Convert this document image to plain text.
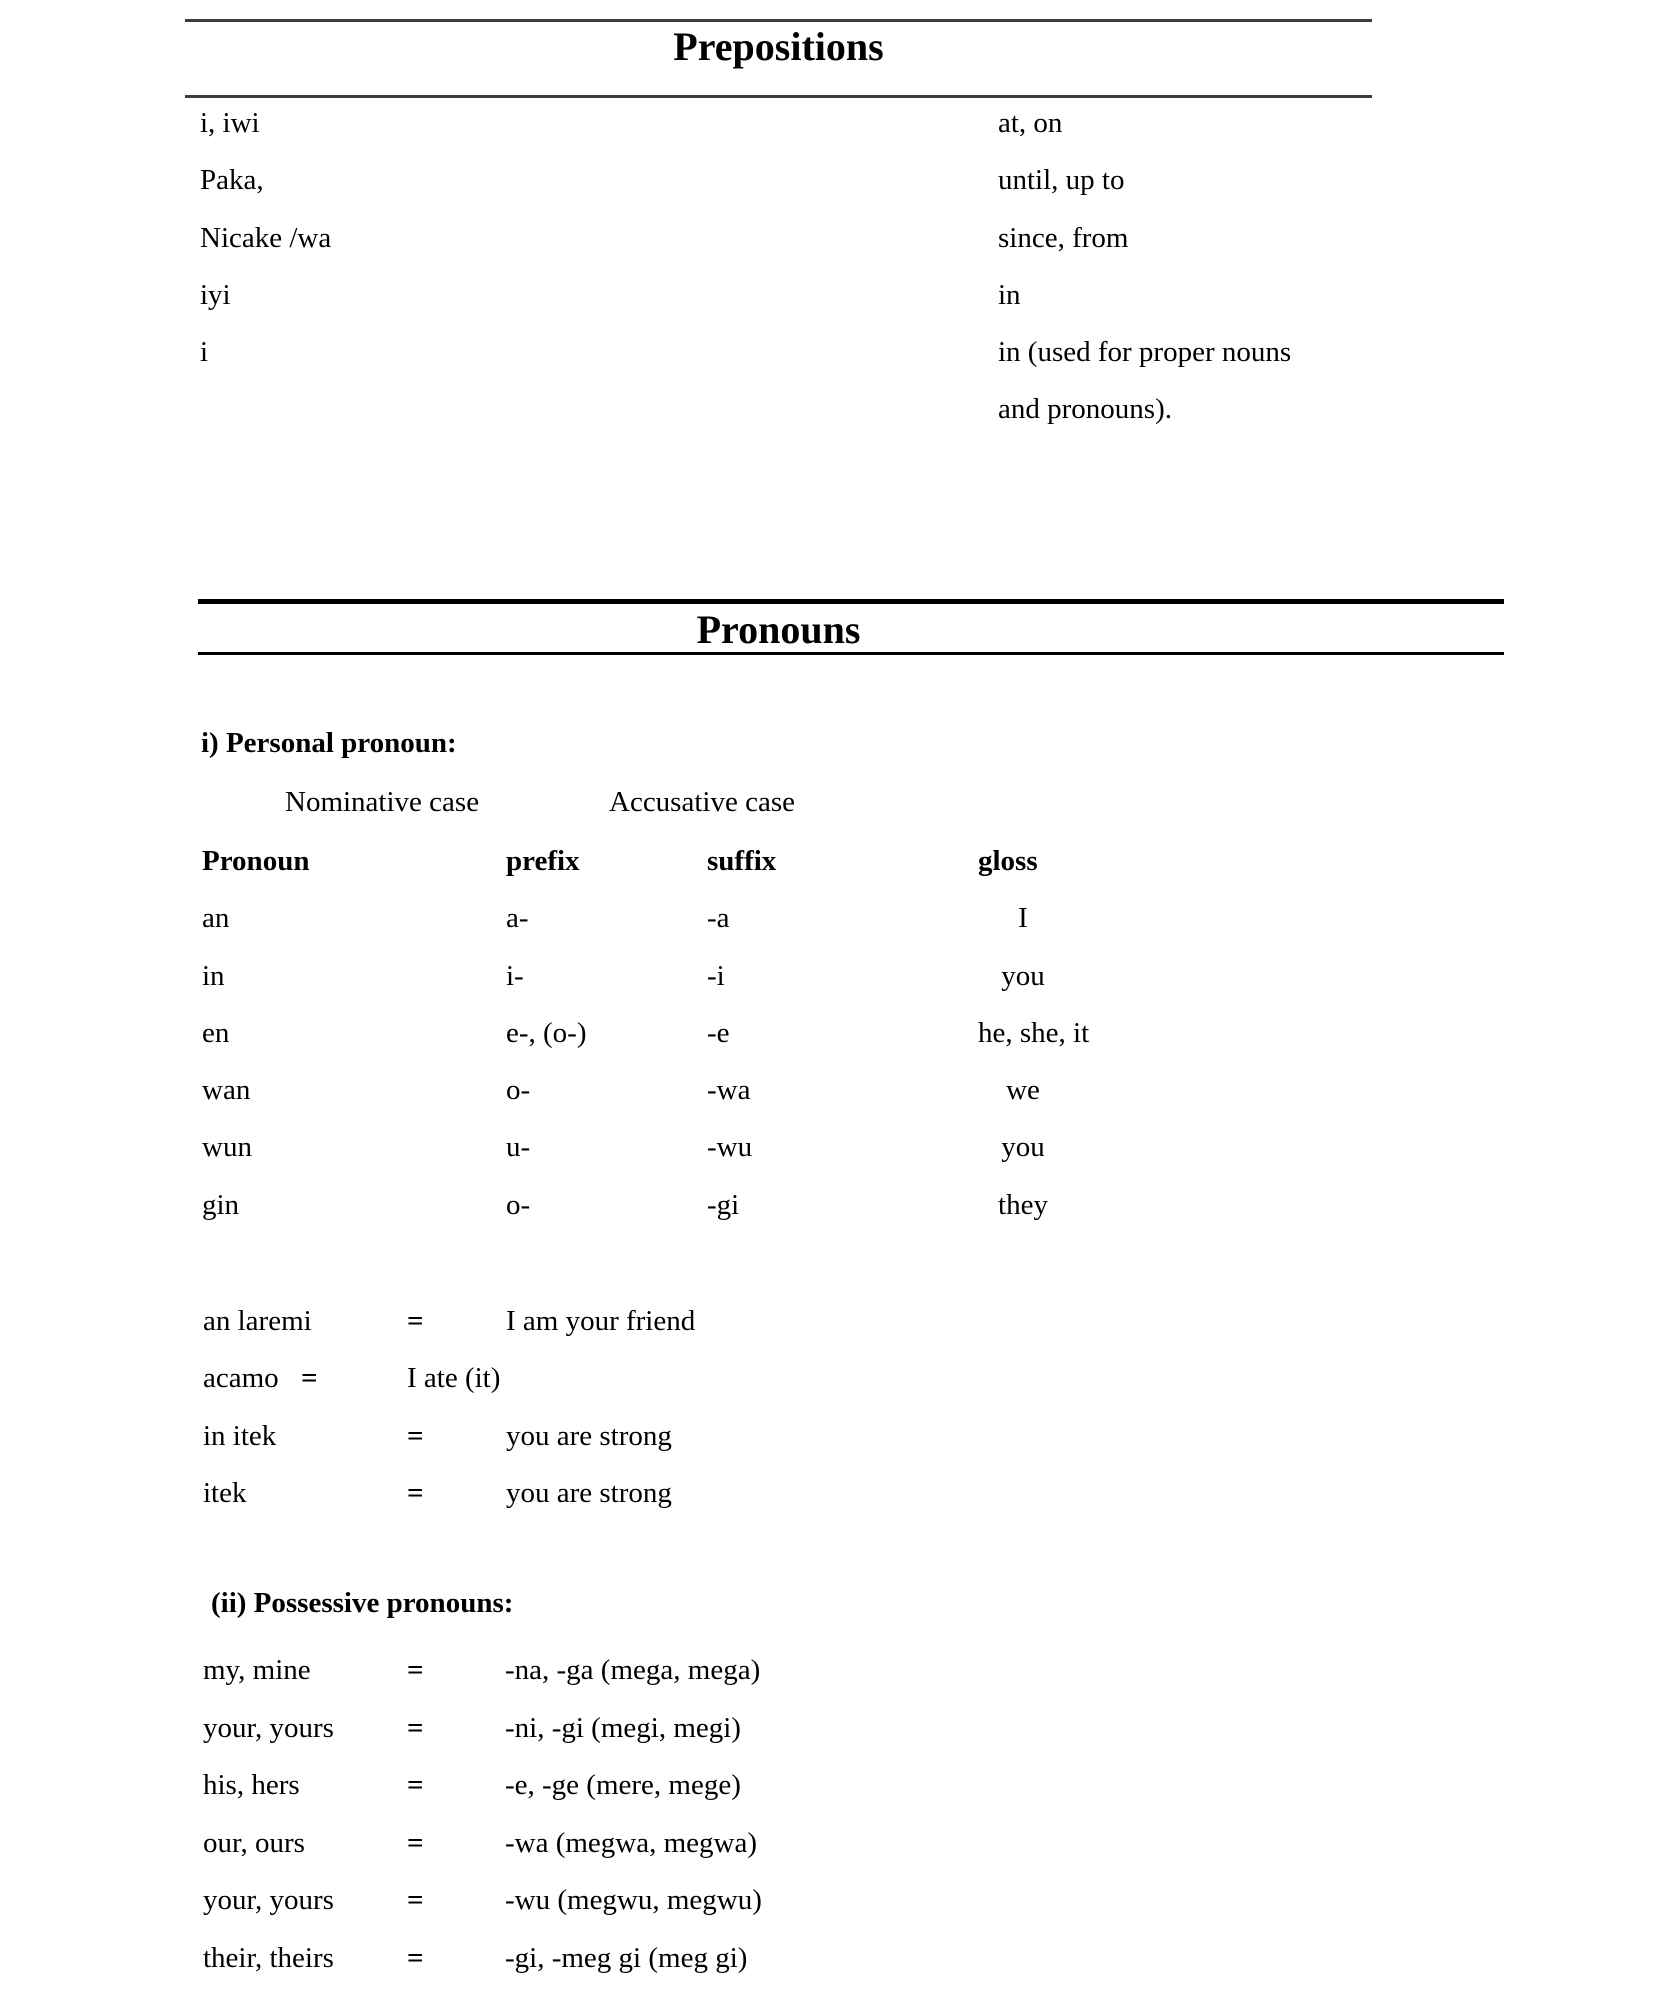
Prepositions
i, iwi	at, on
Paka,	until, up to
Nicake /wa	since, from
iyi	in
i	in (used for proper nouns
and pronouns).
Pronouns
i) Personal pronoun:
Nominative case	Accusative case
Pronoun	prefix	suffix	gloss
an	a-	-a	I
in	i-	-i	you
en	e-, (o-)	-e	he, she, it
wan	o-	-wa	we
wun	u-	-wu	you
gin	o-	-gi	they
an laremi	=	I am your friend
acamo =	I ate (it)
in itek	=	you are strong
itek	=	you are strong
(ii) Possessive pronouns:
my, mine	=	-na, -ga (mega, mega)
your, yours	=	-ni, -gi (megi, megi)
his, hers	=	-e, -ge (mere, mege)
our, ours	=	-wa (megwa, megwa)
your, yours	=	-wu (megwu, megwu)
their, theirs	=	-gi, -meg gi (meg gi)
